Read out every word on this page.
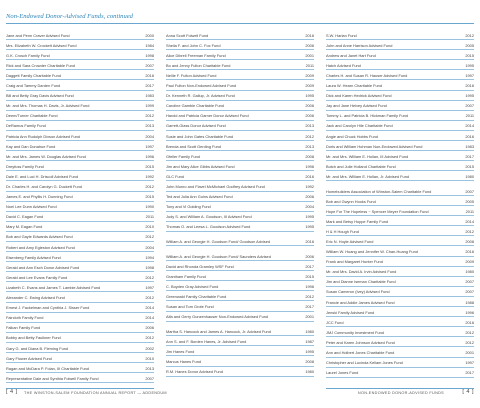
Non-Endowed Donor-Advised Funds, continued
Jane and Penn Craver Advised Fund	2000
Mrs. Elizabeth W. Crockett Advised Fund	1984
G.K. Crosch Family Fund	1998
Rick and Sara Crowder Charitable Fund	2007
Daggett Family Charitable Fund	2016
Craig and Tammy Darden Fund	2017
Bill and Betty Gray Davis Advised Fund	1983
Mr. and Mrs. Thomas H. Davis, Jr. Advised Fund	1999
Deem/Turner Charitable Fund	2012
DeRamus Family Fund	2013
Patricia Ann Rudolph Dixson Advised Fund	2004
Kay and Dan Donahue Fund	1997
Mr. and Mrs. James W. Douglas Advised Fund	1996
Dreyfuss Family Fund	2015
Dale E. and Luci H. Driscoll Advised Fund	1992
Dr. Charles H. and Carolyn G. Duckett Fund	2012
James E. and Phyllis H. Dunning Fund	2015
Noel Lee Dunn Advised Fund	1990
David C. Eagan Fund	2011
Mary M. Eagan Fund	2010
Bob and Gayle Edwards Advised Fund	2012
Robert and Amy Egleston Advised Fund	2004
Eisenberg Family Advised Fund	1994
Gerald and Ann Esch Donor Advised Fund	1998
Gerald and Lee Evans Family Fund	2012
Lizabeth C. Evans and James T. Lambie Advised Fund	1997
Alexander C. Ewing Advised Fund	2012
Ernest J. Fackelman and Cynthia J. Sisser Fund	2014
Faircloth Family Fund	2014
Falkan Family Fund	2006
Bobby and Betty Faulkner Fund	2012
Gary G. and Diana B. Fleming Fund	2002
Gary Flower Advised Fund	2010
Ragan and McDara P. Folan, III Charitable Fund	2013
Representative Dale and Synthia Folwell Family Fund	2007
Anna Scott Folwell Fund	2016
Sheila F. and John C. Fox Fund	2006
Alice Dibrell Freeman Family Fund	2001
Bo and Jenny Fulton Charitable Fund	2011
Nellie F. Fulton Advised Fund	2009
Paul Fulton Non-Endowed Advised Fund	2009
Dr. Kenneth R. Gallup, Jr. Advised Fund	1995
Caroline Gamble Charitable Fund	2006
Harold and Patricia Garner Donor Advised Fund	2006
Garrett-Glass Donor Advised Fund	2013
Susie and John Gates Charitable Fund	2012
Brenda and Scott Gerding Fund	2013
Gfeller Family Fund	2008
Jim and Mary Alice Gibbs Advised Fund	1996
GLC Fund	2016
John Munro and Flavel McMichael Godfrey Advised Fund	1992
Ted and Julia Ann Goins Advised Fund	2006
Tony and Vi Golding Fund	2004
Judy S. and William A. Goodson, III Advised Fund	1995
Thomas O. and Leesa L. Goodson Advised Fund	1995
William A. and Georgie H. Goodson Fund/ Goodson Advised	2016
William A. and Georgie H. Goodson Fund/ Saunders Advised	2006
David and Rhonda Gramley WSF Fund	2017
Grantham Family Fund	2015
C. Boyden Gray Advised Fund	1996
Greenwald Family Charitable Fund	2012
Susan and Tom Grote Fund	2017
Alfa and Gerry Gunzenhauser Non-Endowed Advised Fund	2001
Martha S. Hancock and James A. Hancock, Jr. Advised Fund	1980
Ann S. and F. Borden Hanes, Jr. Advised Fund	1987
Jim Hanes Fund	1995
Marcus Hanes Fund	2008
R.M. Hanes Donor Advised Fund	1980
S.W. Harlan Fund	2012
John and Anne Harrison Advised Fund	2005
Andrew and Janet Hart Fund	2015
Hatch Advised Fund	1995
Charles H. and Susan R. Hauser Advised Fund	1997
Laura W. Hearn Charitable Fund	2016
Dick and Karen Hedrick Advised Fund	1995
Jay and Jane Helvey Advised Fund	2007
Tommy L. and Patricia B. Hickman Family Fund	2011
Jack and Carolyn Hile Charitable Fund	2014
Angie and Chuck Hobbs Fund	2016
Doris and William Hohman Non-Endowed Advised Fund	1983
Mr. and Mrs. William E. Hollan, III Advised Fund	2017
Butch and Julie Holland Charitable Fund	2015
Mr. and Mrs. William E. Hollan, Jr. Advised Fund	1980
Homebuilders Association of Winston-Salem Charitable Fund	2007
Bob and Gwynn Hooks Fund	2005
Hope For The Hopeless ~ Spencer Meyer Foundation Fund	2011
Mark and Betsy Hoppe Family Fund	2014
H & H Hough Fund	2012
Eric N. Hoyle Advised Fund	2008
William W. Huang and Jennifer W. Chan-Huang Fund	2016
Frank and Margaret Hunter Fund	2009
Mr. and Mrs. David A. Irvin Advised Fund	1980
Jim and Dianne Iseman Charitable Fund	2007
Susan Cameron (Ivey) Advised Fund	2007
Francie and Addie James Advised Fund	1988
Jenski Family Advised Fund	1996
JCC Fund	2016
JMJ Community Investment Fund	2012
Peter and Karen Johnson Advised Fund	2012
Ann and Holbert Jones Charitable Fund	2001
Christopher and Lucinda Kellam Jones Fund	1997
Laurel Jones Fund	2017
[ 4 ] THE WINSTON-SALEM FOUNDATION ANNUAL REPORT — ADDENDUM	NON-ENDOWED DONOR-ADVISED FUNDS	[ 4 ]
